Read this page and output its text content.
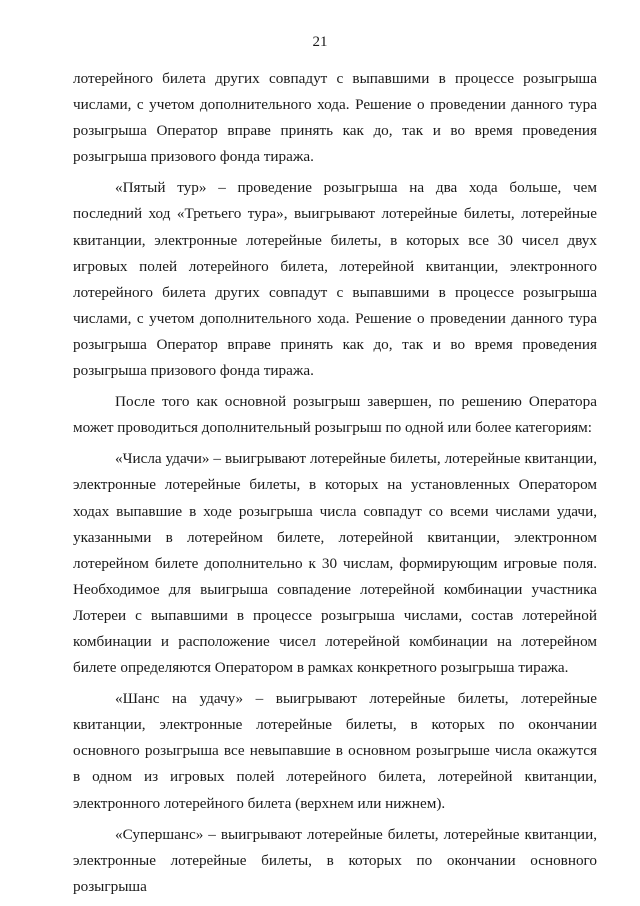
21

лотерейного билета других совпадут с выпавшими в процессе розыгрыша числами, с учетом дополнительного хода. Решение о проведении данного тура розыгрыша Оператор вправе принять как до, так и во время проведения розыгрыша призового фонда тиража.

«Пятый тур» – проведение розыгрыша на два хода больше, чем последний ход «Третьего тура», выигрывают лотерейные билеты, лотерейные квитанции, электронные лотерейные билеты, в которых все 30 чисел двух игровых полей лотерейного билета, лотерейной квитанции, электронного лотерейного билета других совпадут с выпавшими в процессе розыгрыша числами, с учетом дополнительного хода. Решение о проведении данного тура розыгрыша Оператор вправе принять как до, так и во время проведения розыгрыша призового фонда тиража.

После того как основной розыгрыш завершен, по решению Оператора может проводиться дополнительный розыгрыш по одной или более категориям:

«Числа удачи» – выигрывают лотерейные билеты, лотерейные квитанции, электронные лотерейные билеты, в которых на установленных Оператором ходах выпавшие в ходе розыгрыша числа совпадут со всеми числами удачи, указанными в лотерейном билете, лотерейной квитанции, электронном лотерейном билете дополнительно к 30 числам, формирующим игровые поля. Необходимое для выигрыша совпадение лотерейной комбинации участника Лотереи с выпавшими в процессе розыгрыша числами, состав лотерейной комбинации и расположение чисел лотерейной комбинации на лотерейном билете определяются Оператором в рамках конкретного розыгрыша тиража.

«Шанс на удачу» – выигрывают лотерейные билеты, лотерейные квитанции, электронные лотерейные билеты, в которых по окончании основного розыгрыша все невыпавшие в основном розыгрыше числа окажутся в одном из игровых полей лотерейного билета, лотерейной квитанции, электронного лотерейного билета (верхнем или нижнем).

«Супершанс» – выигрывают лотерейные билеты, лотерейные квитанции, электронные лотерейные билеты, в которых по окончании основного розыгрыша
